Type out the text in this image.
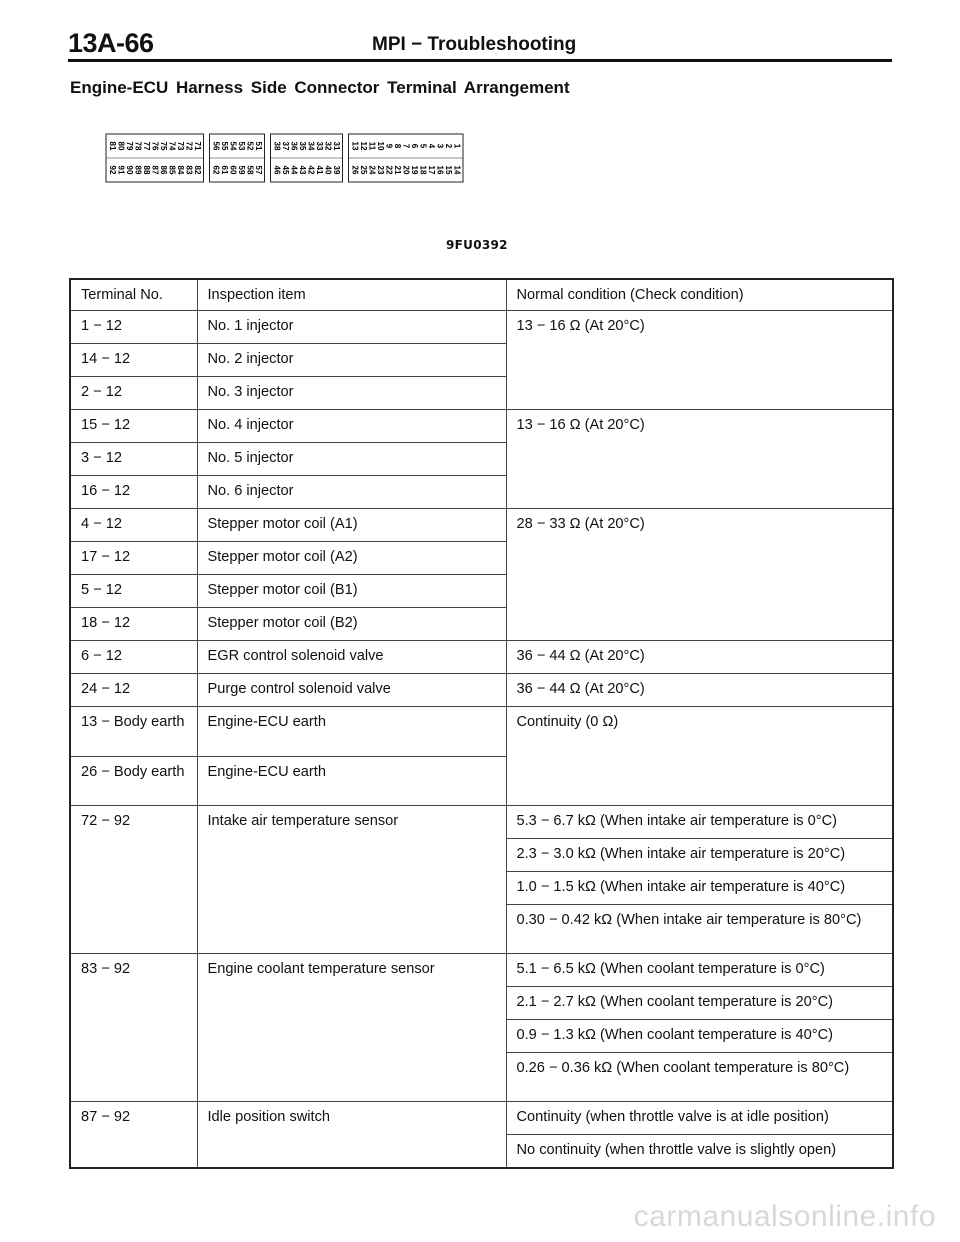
13A-66	MPI − Troubleshooting
Engine-ECU Harness Side Connector Terminal Arrangement
81 80 79 78 77 76 75 74 73 72 71
92 91 90 89 88 87 86 85 84 83 82
56 55 54 53 52 51
62 61 60 59 58 57
38 37 36 35 34 33 32 31
46 45 44 43 42 41 40 39
13 12 11 10 9 8 7 6 5 4 3 2 1
26 25 24 23 22 21 20 19 18 17 16 15 14
9FU0392
Terminal No.	Inspection item	Normal condition (Check condition)
1 − 12	No. 1 injector	13 − 16 Ω (At 20°C)
14 − 12	No. 2 injector	
2 − 12	No. 3 injector	
15 − 12	No. 4 injector	13 − 16 Ω (At 20°C)
3 − 12	No. 5 injector	
16 − 12	No. 6 injector	
4 − 12	Stepper motor coil (A1)	28 − 33 Ω (At 20°C)
17 − 12	Stepper motor coil (A2)	
5 − 12	Stepper motor coil (B1)	
18 − 12	Stepper motor coil (B2)	
6 − 12	EGR control solenoid valve	36 − 44 Ω (At 20°C)
24 − 12	Purge control solenoid valve	36 − 44 Ω (At 20°C)
13 − Body earth	Engine-ECU earth	Continuity (0 Ω)
26 − Body earth	Engine-ECU earth	
72 − 92	Intake air temperature sensor	5.3 − 6.7 kΩ (When intake air temperature is 0°C)
		2.3 − 3.0 kΩ (When intake air temperature is 20°C)
		1.0 − 1.5 kΩ (When intake air temperature is 40°C)
		0.30 − 0.42 kΩ (When intake air temperature is 80°C)
83 − 92	Engine coolant temperature sensor	5.1 − 6.5 kΩ (When coolant temperature is 0°C)
		2.1 − 2.7 kΩ (When coolant temperature is 20°C)
		0.9 − 1.3 kΩ (When coolant temperature is 40°C)
		0.26 − 0.36 kΩ (When coolant temperature is 80°C)
87 − 92	Idle position switch	Continuity (when throttle valve is at idle position)
		No continuity (when throttle valve is slightly open)
carmanualsonline.info
